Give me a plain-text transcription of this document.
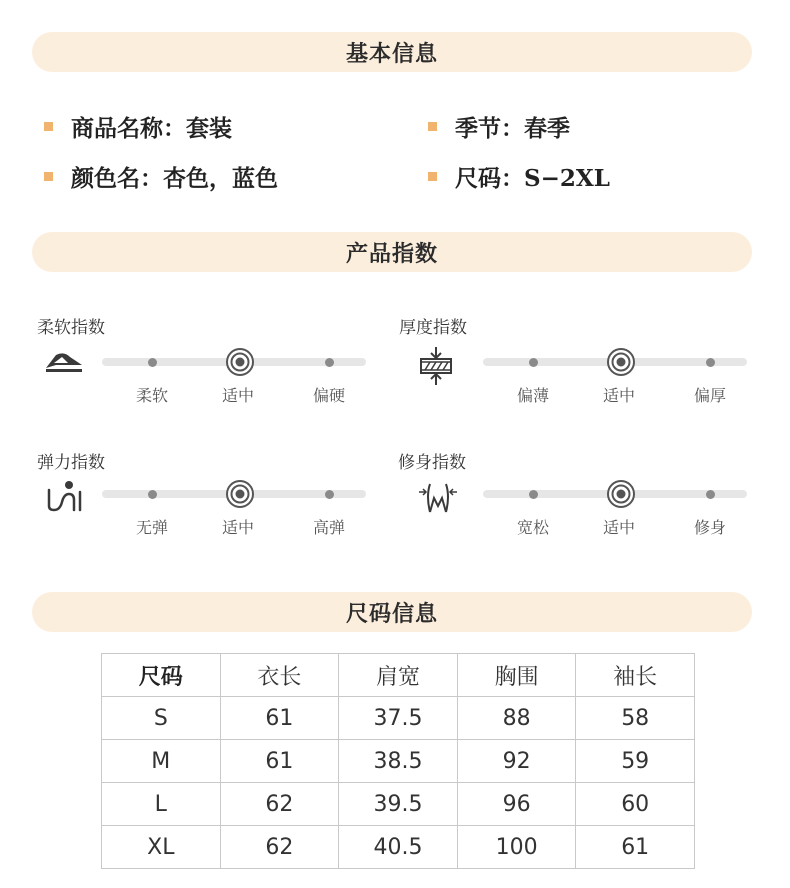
基本信息
商品名称：套装	季节：春季
颜色名：杏色，蓝色	尺码：S−2XL
产品指数
柔软指数
柔软	适中	偏硬
厚度指数
偏薄	适中	偏厚
弹力指数
无弹	适中	高弹
修身指数
宽松	适中	修身
尺码信息
尺码	衣长	肩宽	胸围	袖长
S	61	37.5	88	58
M	61	38.5	92	59
L	62	39.5	96	60
XL	62	40.5	100	61
